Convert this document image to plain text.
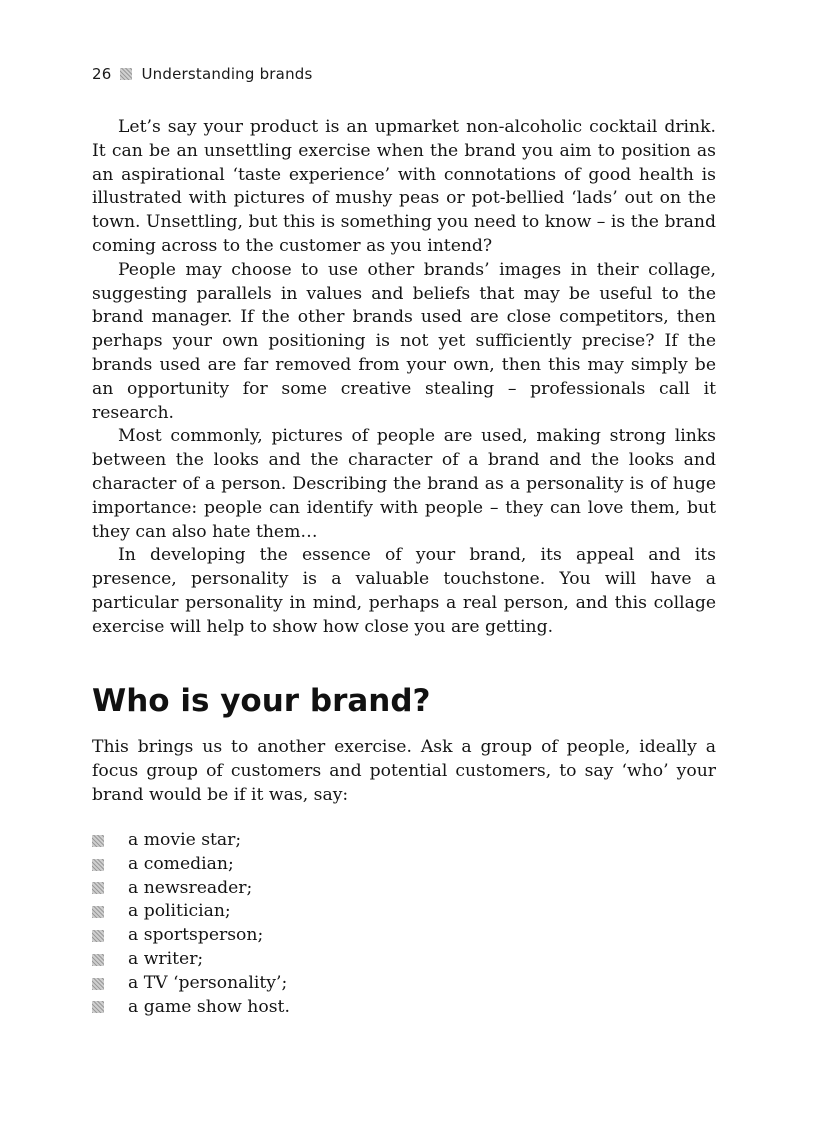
26 Understanding brands

Let’s say your product is an upmarket non-alcoholic cocktail drink. It can be an unsettling exercise when the brand you aim to position as an aspirational ‘taste experience’ with connotations of good health is illustrated with pictures of mushy peas or pot-bellied ‘lads’ out on the town. Unsettling, but this is something you need to know – is the brand coming across to the customer as you intend?

People may choose to use other brands’ images in their collage, suggesting parallels in values and beliefs that may be useful to the brand manager. If the other brands used are close competitors, then perhaps your own positioning is not yet sufficiently precise? If the brands used are far removed from your own, then this may simply be an opportunity for some creative stealing – professionals call it research.

Most commonly, pictures of people are used, making strong links between the looks and the character of a brand and the looks and character of a person. Describing the brand as a personality is of huge importance: people can identify with people – they can love them, but they can also hate them…

In developing the essence of your brand, its appeal and its presence, personality is a valuable touchstone. You will have a particular personality in mind, perhaps a real person, and this collage exercise will help to show how close you are getting.

Who is your brand?

This brings us to another exercise. Ask a group of people, ideally a focus group of customers and potential customers, to say ‘who’ your brand would be if it was, say:

a movie star;
a comedian;
a newsreader;
a politician;
a sportsperson;
a writer;
a TV ‘personality’;
a game show host.
